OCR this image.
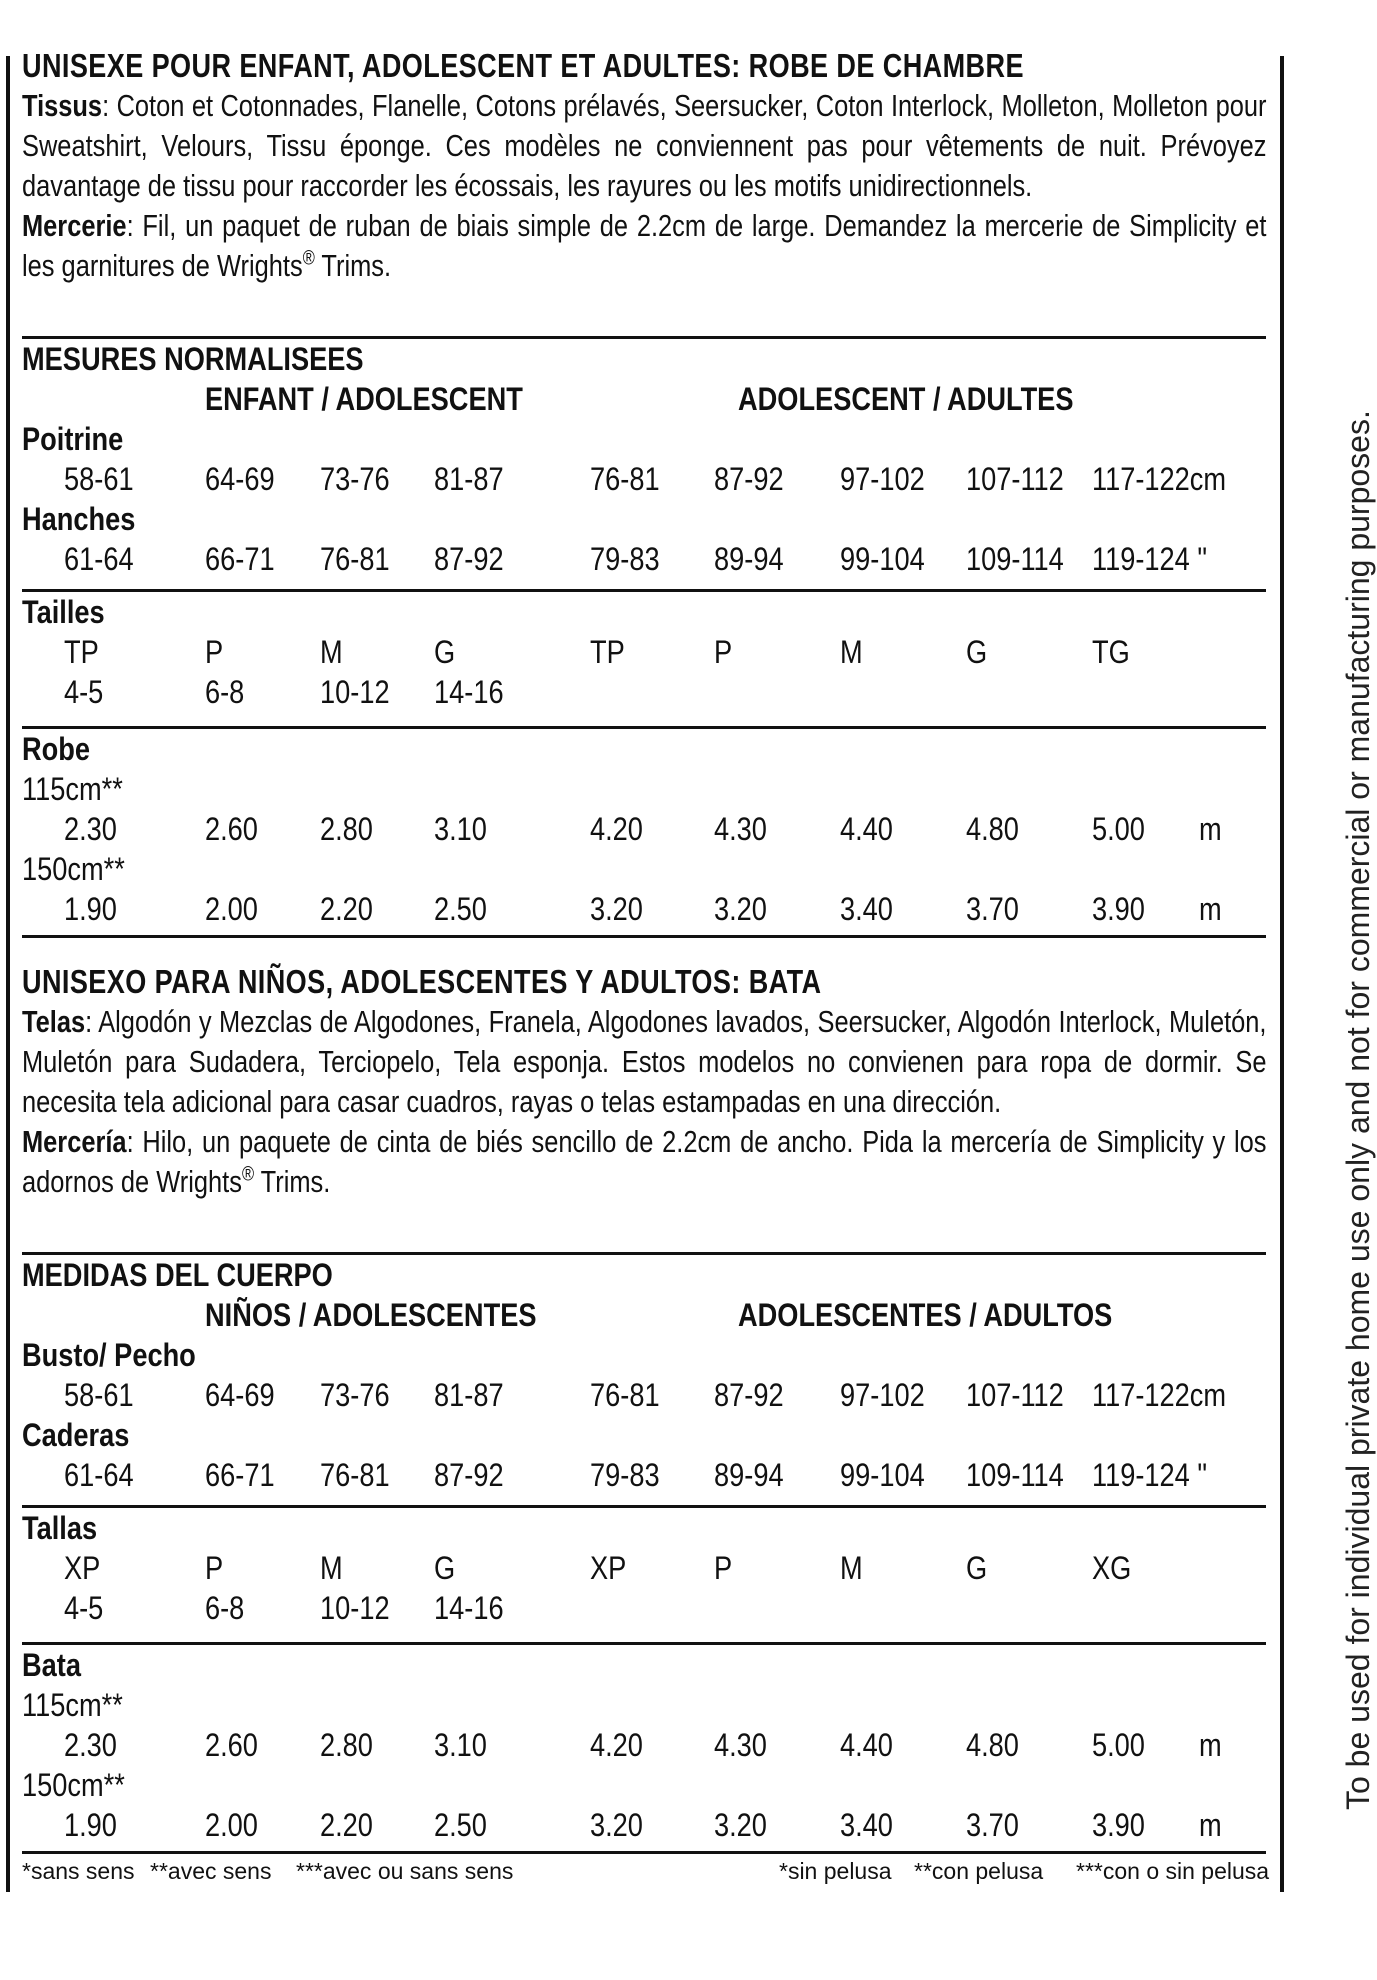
To be used for individual private home use only and not for commercial or manufacturing purposes.
UNISEXE POUR ENFANT, ADOLESCENT ET ADULTES: ROBE DE CHAMBRE
Tissus: Coton et Cotonnades, Flanelle, Cotons prélavés, Seersucker, Coton Interlock, Molleton, Molleton pour Sweatshirt, Velours, Tissu éponge. Ces modèles ne conviennent pas pour vêtements de nuit. Prévoyez davantage de tissu pour raccorder les écossais, les rayures ou les motifs unidirectionnels.
Mercerie: Fil, un paquet de ruban de biais simple de 2.2cm de large. Demandez la mercerie de Simplicity et les garnitures de Wrights® Trims.
MESURES NORMALISEES
ENFANT / ADOLESCENT	ADOLESCENT / ADULTES
Poitrine
58-61 64-69 73-76 81-87	76-81 87-92 97-102 107-112 117-122cm
Hanches
61-64 66-71 76-81 87-92	79-83 89-94 99-104 109-114 119-124 "
Tailles
TP	P	M	G	TP	P	M	G	TG
4-5	6-8 10-12 14-16
Robe
115cm**
2.30	2.60 2.80 3.10	4.20 4.30 4.40 4.80 5.00 m
150cm**
1.90	2.00 2.20 2.50	3.20 3.20 3.40 3.70 3.90 m
UNISEXO PARA NIÑOS, ADOLESCENTES Y ADULTOS: BATA
Telas: Algodón y Mezclas de Algodones, Franela, Algodones lavados, Seersucker, Algodón Interlock, Muletón, Muletón para Sudadera, Terciopelo, Tela esponja. Estos modelos no convienen para ropa de dormir. Se necesita tela adicional para casar cuadros, rayas o telas estampadas en una dirección.
Mercería: Hilo, un paquete de cinta de biés sencillo de 2.2cm de ancho. Pida la mercería de Simplicity y los adornos de Wrights® Trims.
MEDIDAS DEL CUERPO
NIÑOS / ADOLESCENTES	ADOLESCENTES / ADULTOS
Busto/ Pecho
58-61 64-69 73-76 81-87	76-81 87-92 97-102 107-112 117-122cm
Caderas
61-64 66-71 76-81 87-92	79-83 89-94 99-104 109-114 119-124 "
Tallas
XP	P	M	G	XP	P	M	G	XG
4-5	6-8 10-12 14-16
Bata
115cm**
2.30	2.60 2.80 3.10	4.20 4.30 4.40 4.80 5.00 m
150cm**
1.90	2.00 2.20 2.50	3.20 3.20 3.40 3.70 3.90 m
*sans sens **avec sens ***avec ou sans sens	*sin pelusa **con pelusa ***con o sin pelusa
